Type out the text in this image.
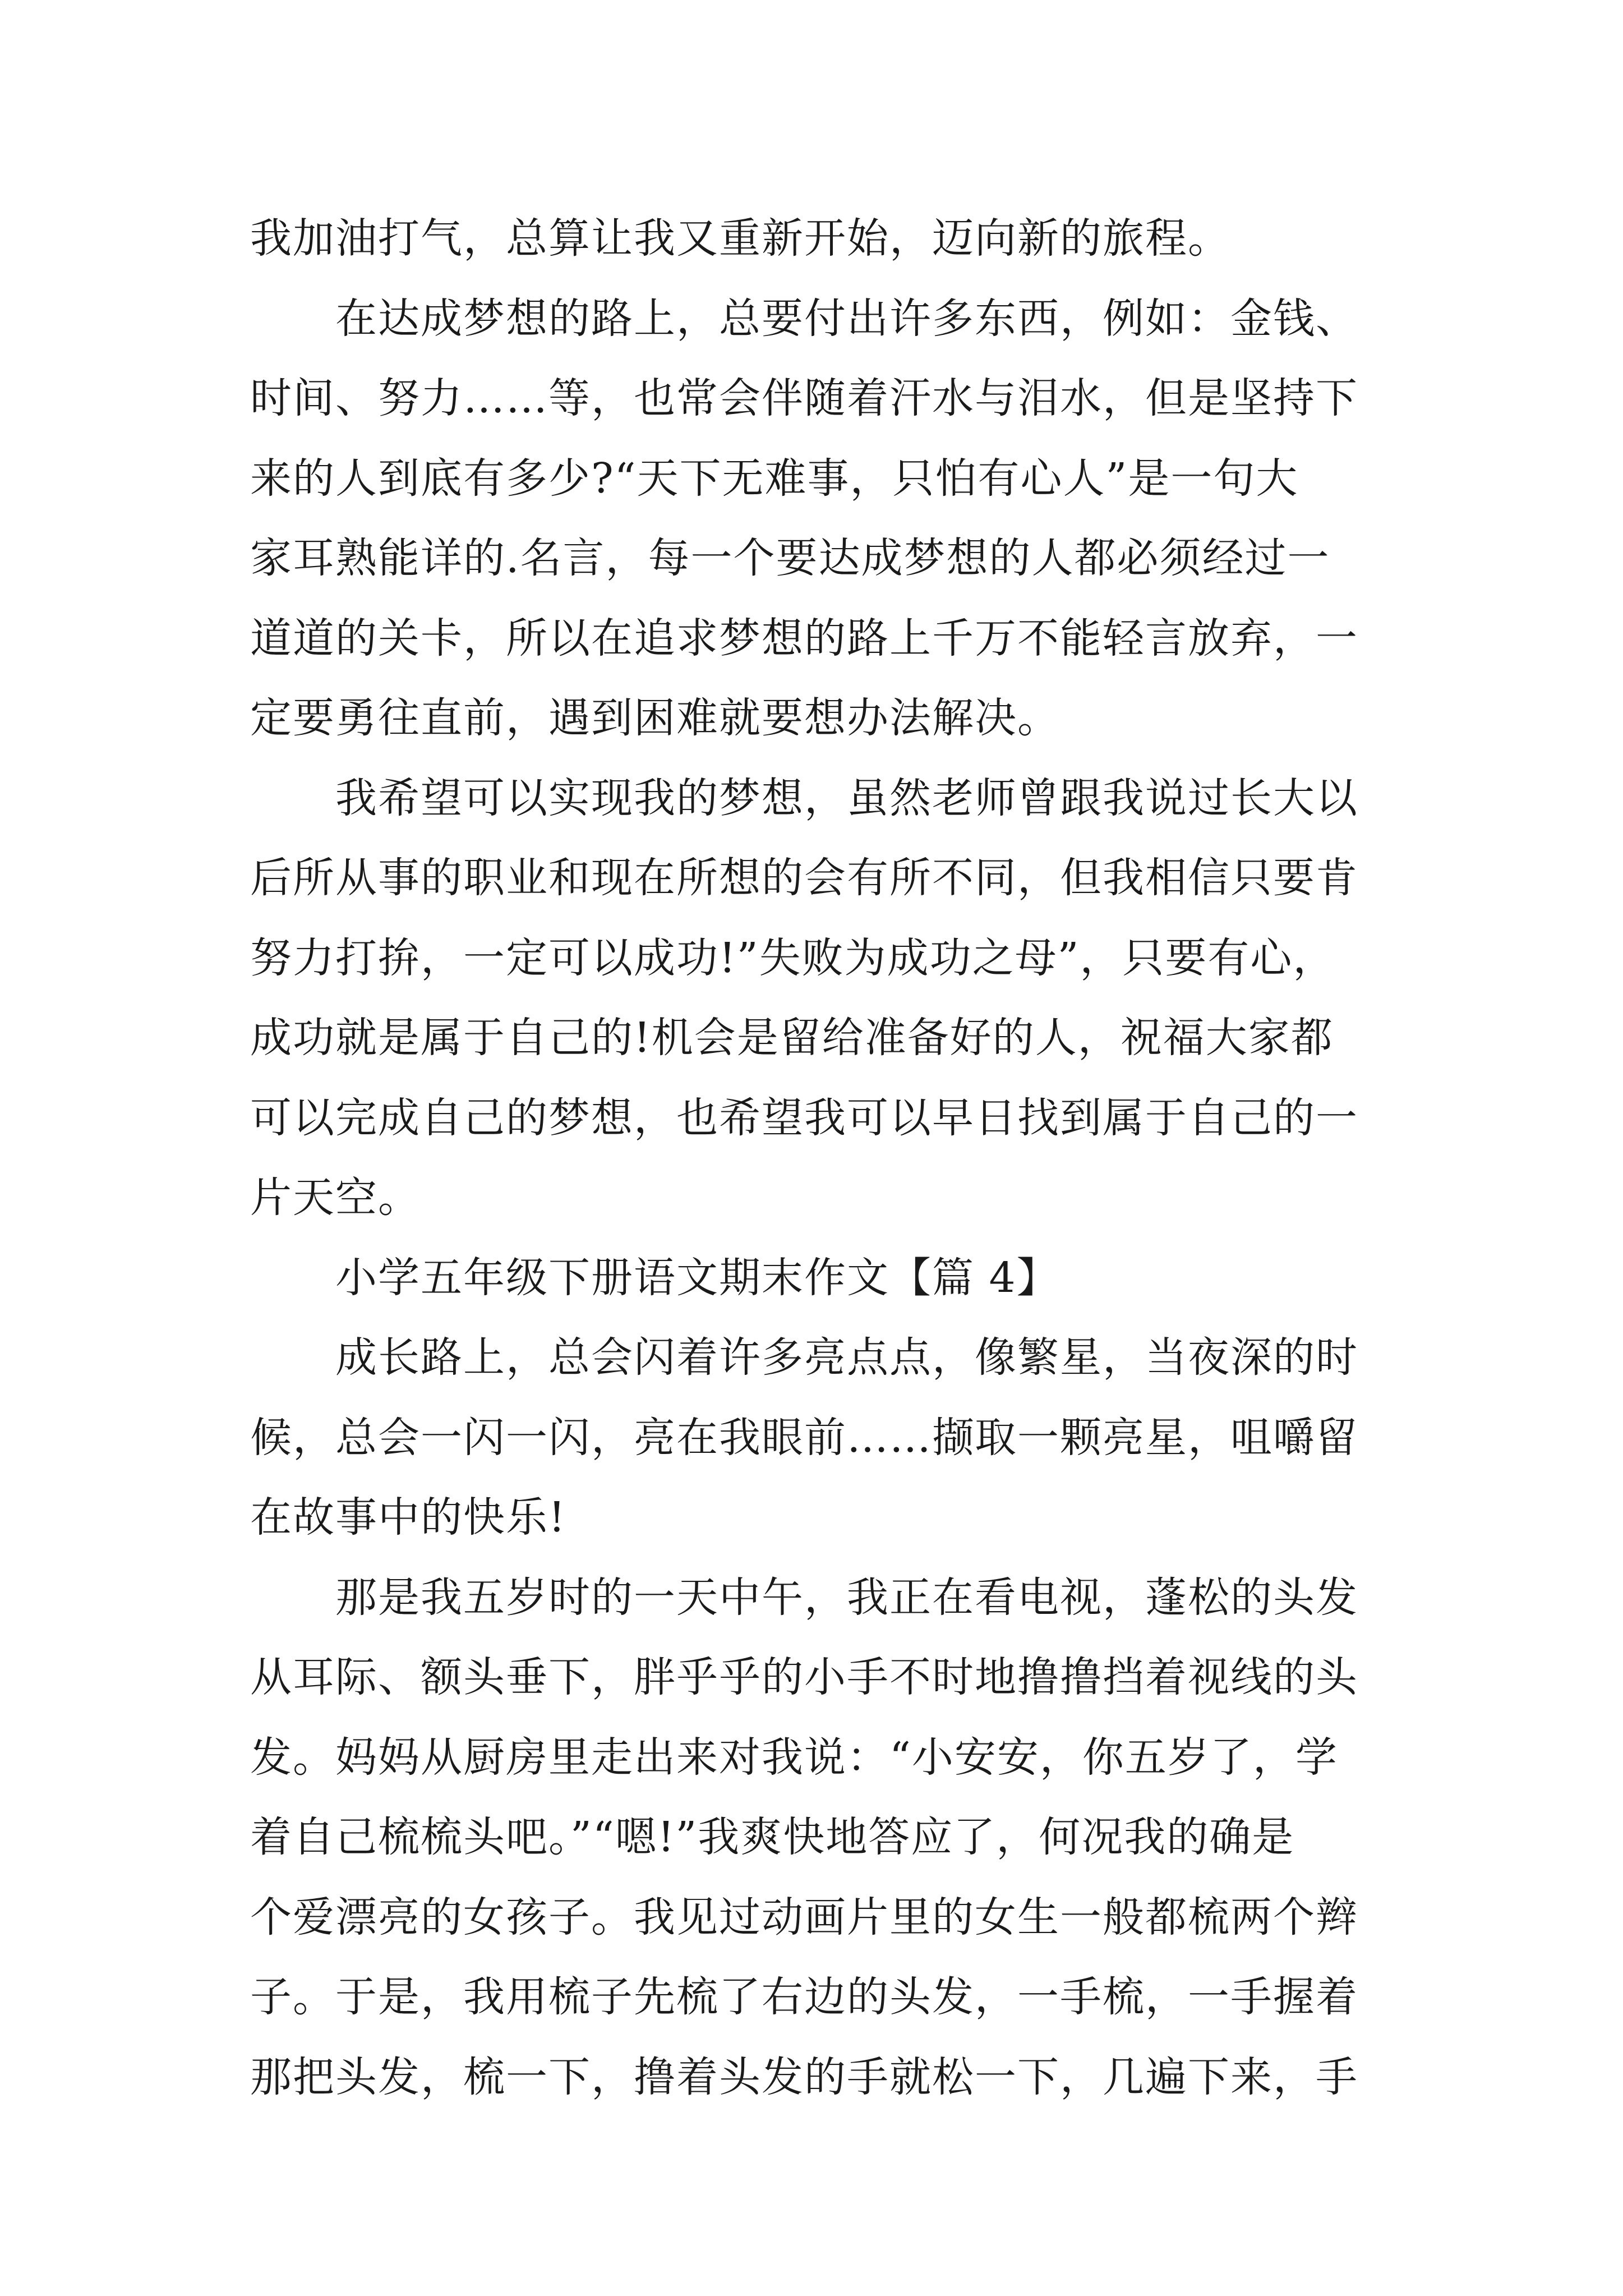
我加油打气，总算让我又重新开始，迈向新的旅程。
在达成梦想的路上，总要付出许多东西，例如：金钱、
时间、努力……等，也常会伴随着汗水与泪水，但是坚持下
来的人到底有多少?“天下无难事，只怕有心人”是一句大
家耳熟能详的.名言，每一个要达成梦想的人都必须经过一
道道的关卡，所以在追求梦想的路上千万不能轻言放弃，一
定要勇往直前，遇到困难就要想办法解决。
我希望可以实现我的梦想，虽然老师曾跟我说过长大以
后所从事的职业和现在所想的会有所不同，但我相信只要肯
努力打拚，一定可以成功!”失败为成功之母”，只要有心，
成功就是属于自己的!机会是留给准备好的人，祝福大家都
可以完成自己的梦想，也希望我可以早日找到属于自己的一
片天空。
小学五年级下册语文期末作文【篇 4】
成长路上，总会闪着许多亮点点，像繁星，当夜深的时
候，总会一闪一闪，亮在我眼前……撷取一颗亮星，咀嚼留
在故事中的快乐!
那是我五岁时的一天中午，我正在看电视，蓬松的头发
从耳际、额头垂下，胖乎乎的小手不时地撸撸挡着视线的头
发。妈妈从厨房里走出来对我说：“小安安，你五岁了，学
着自己梳梳头吧。”“嗯!”我爽快地答应了，何况我的确是
个爱漂亮的女孩子。我见过动画片里的女生一般都梳两个辫
子。于是，我用梳子先梳了右边的头发，一手梳，一手握着
那把头发，梳一下，撸着头发的手就松一下，几遍下来，手
